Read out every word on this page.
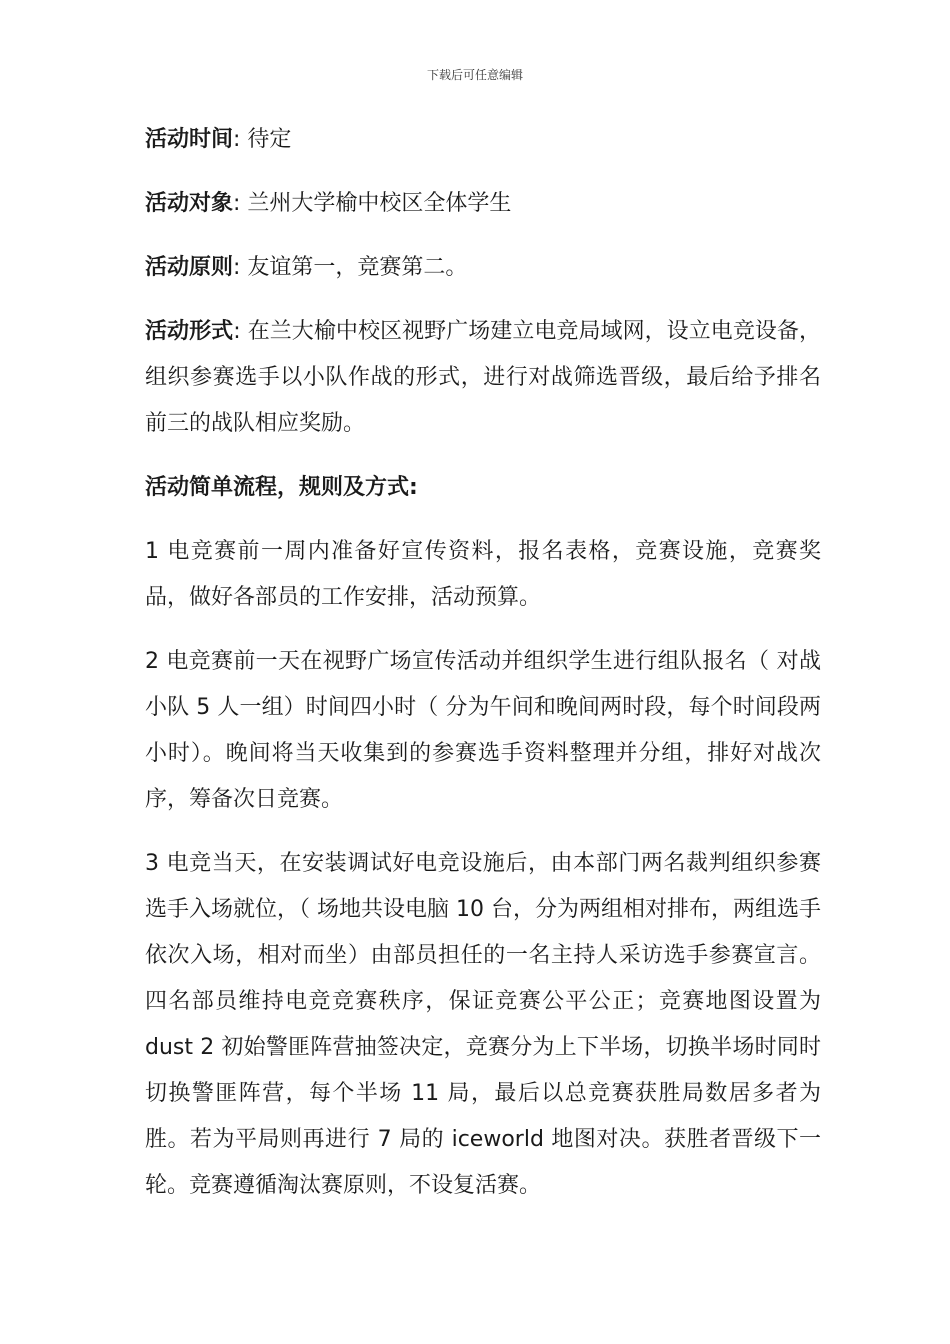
下载后可任意编辑

活动时间: 待定

活动对象: 兰州大学榆中校区全体学生

活动原则: 友谊第一，竞赛第二。

活动形式: 在兰大榆中校区视野广场建立电竞局域网，设立电竞设备，组织参赛选手以小队作战的形式，进行对战筛选晋级，最后给予排名前三的战队相应奖励。

活动简单流程，规则及方式:

1 电竞赛前一周内准备好宣传资料，报名表格，竞赛设施，竞赛奖品，做好各部员的工作安排，活动预算。

2 电竞赛前一天在视野广场宣传活动并组织学生进行组队报名（ 对战小队 5 人一组）时间四小时（ 分为午间和晚间两时段，每个时间段两小时）。晚间将当天收集到的参赛选手资料整理并分组，排好对战次序，筹备次日竞赛。

3 电竞当天，在安装调试好电竞设施后，由本部门两名裁判组织参赛选手入场就位，（ 场地共设电脑 10 台，分为两组相对排布，两组选手依次入场，相对而坐）由部员担任的一名主持人采访选手参赛宣言。四名部员维持电竞竞赛秩序，保证竞赛公平公正；竞赛地图设置为 dust 2 初始警匪阵营抽签决定，竞赛分为上下半场，切换半场时同时切换警匪阵营，每个半场 11 局，最后以总竞赛获胜局数居多者为胜。若为平局则再进行 7 局的 iceworld 地图对决。获胜者晋级下一轮。竞赛遵循淘汰赛原则，不设复活赛。
